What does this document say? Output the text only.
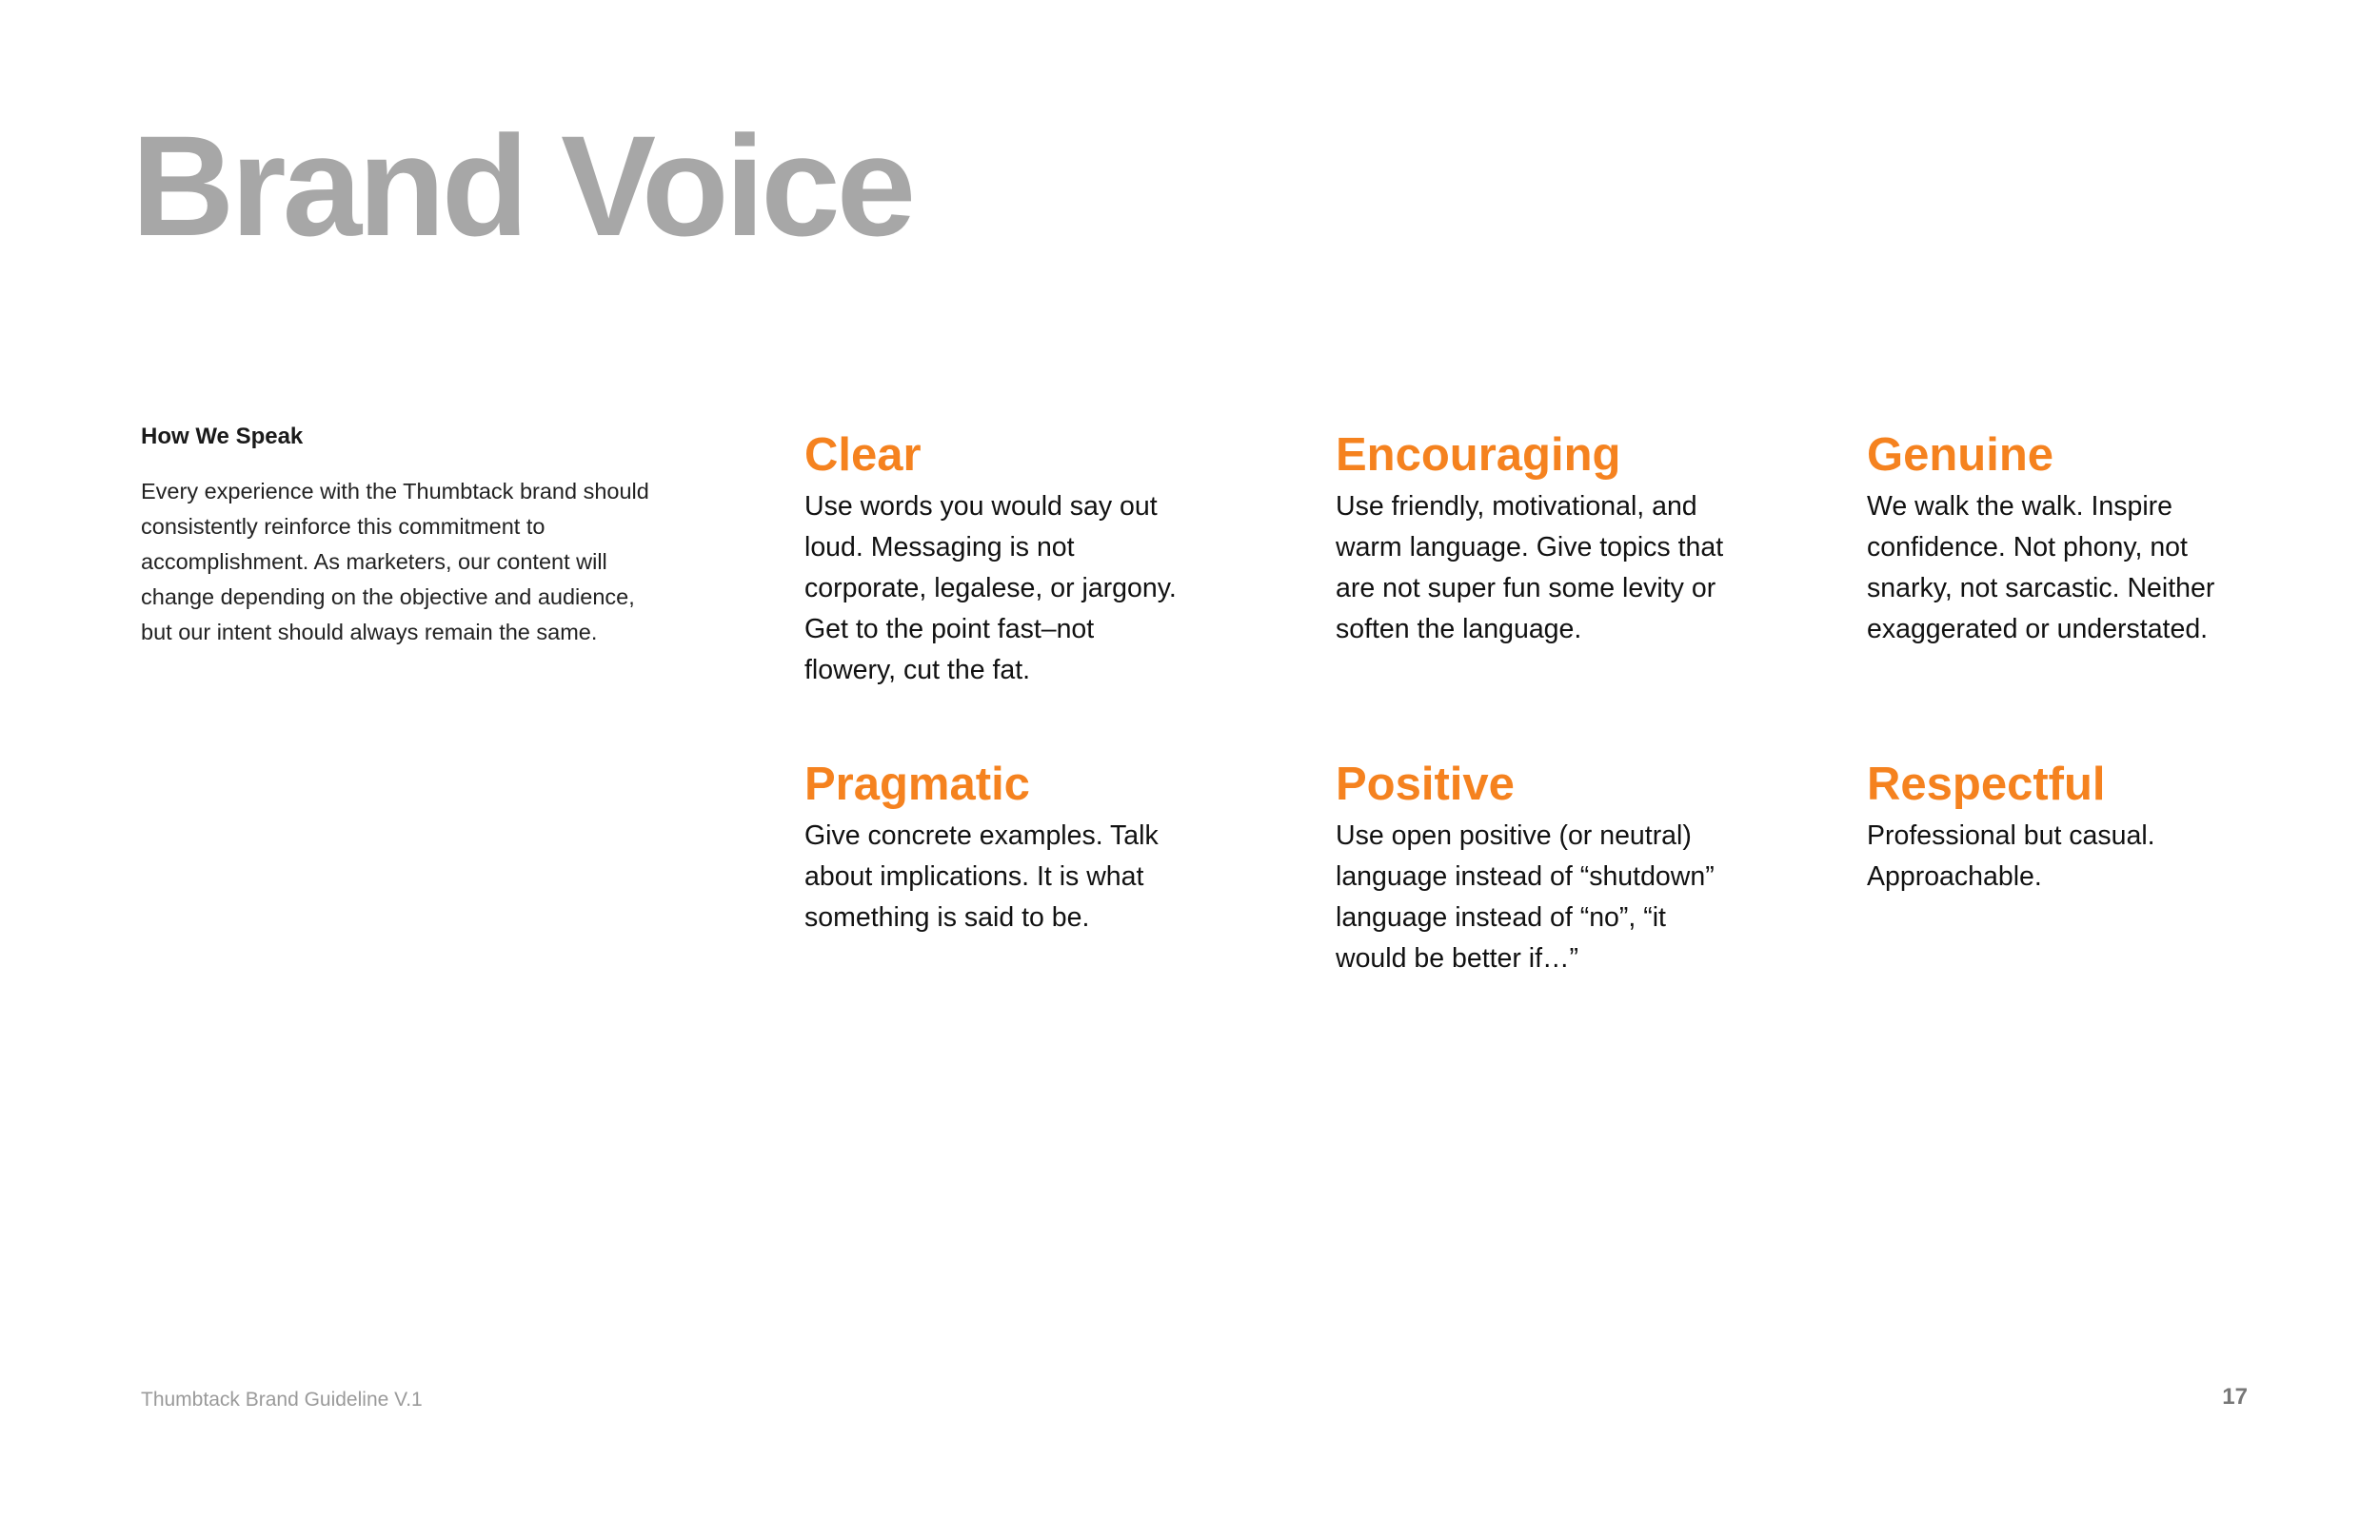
Brand Voice
How We Speak

Every experience with the Thumbtack brand should consistently reinforce this commitment to accomplishment. As marketers, our content will change depending on the objective and audience, but our intent should always remain the same.

Clear

Use words you would say out loud. Messaging is not corporate, legalese, or jargony. Get to the point fast–not flowery, cut the fat.

Encouraging

Use friendly, motivational, and warm language. Give topics that are not super fun some levity or soften the language.

Genuine

We walk the walk. Inspire confidence. Not phony, not snarky, not sarcastic. Neither exaggerated or understated.

Pragmatic

Give concrete examples. Talk about implications. It is what something is said to be.

Positive

Use open positive (or neutral) language instead of “shutdown” language instead of “no”, “it would be better if…”

Respectful

Professional but casual. Approachable.

Thumbtack Brand Guideline V.1	17
